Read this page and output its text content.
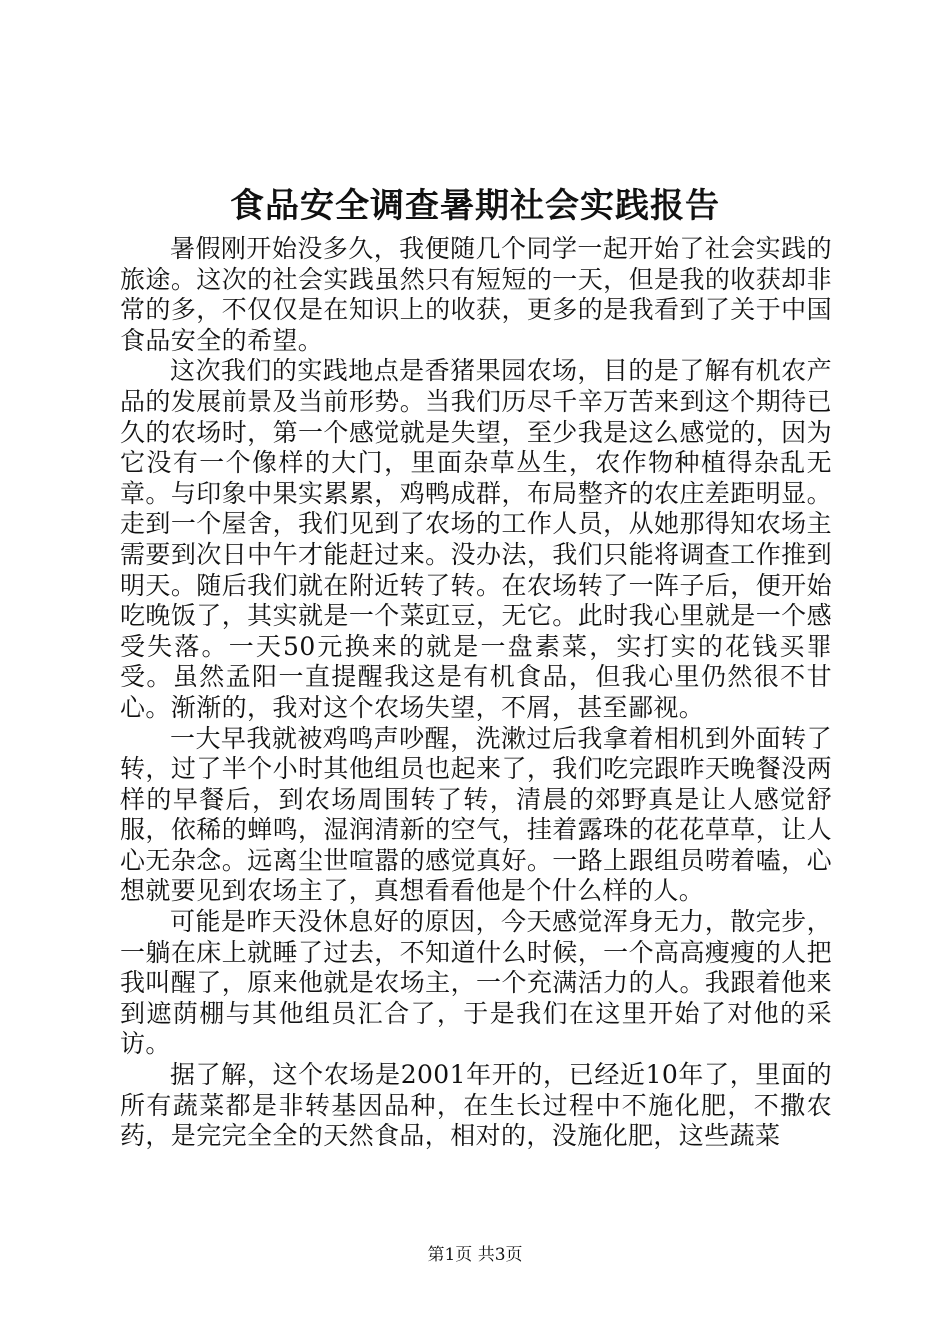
食品安全调查暑期社会实践报告

暑假刚开始没多久，我便随几个同学一起开始了社会实践的旅途。这次的社会实践虽然只有短短的一天，但是我的收获却非常的多，不仅仅是在知识上的收获，更多的是我看到了关于中国食品安全的希望。

这次我们的实践地点是香猪果园农场，目的是了解有机农产品的发展前景及当前形势。当我们历尽千辛万苦来到这个期待已久的农场时，第一个感觉就是失望，至少我是这么感觉的，因为它没有一个像样的大门，里面杂草丛生，农作物种植得杂乱无章。与印象中果实累累，鸡鸭成群，布局整齐的农庄差距明显。走到一个屋舍，我们见到了农场的工作人员，从她那得知农场主需要到次日中午才能赶过来。没办法，我们只能将调查工作推到明天。随后我们就在附近转了转。在农场转了一阵子后，便开始吃晚饭了，其实就是一个菜豇豆，无它。此时我心里就是一个感受失落。一天50元换来的就是一盘素菜，实打实的花钱买罪受。虽然孟阳一直提醒我这是有机食品，但我心里仍然很不甘心。渐渐的，我对这个农场失望，不屑，甚至鄙视。

一大早我就被鸡鸣声吵醒，洗漱过后我拿着相机到外面转了转，过了半个小时其他组员也起来了，我们吃完跟昨天晚餐没两样的早餐后，到农场周围转了转，清晨的郊野真是让人感觉舒服，依稀的蝉鸣，湿润清新的空气，挂着露珠的花花草草，让人心无杂念。远离尘世喧嚣的感觉真好。一路上跟组员唠着嗑，心想就要见到农场主了，真想看看他是个什么样的人。

可能是昨天没休息好的原因，今天感觉浑身无力，散完步，一躺在床上就睡了过去，不知道什么时候，一个高高瘦瘦的人把我叫醒了，原来他就是农场主，一个充满活力的人。我跟着他来到遮荫棚与其他组员汇合了，于是我们在这里开始了对他的采访。

据了解，这个农场是2001年开的，已经近10年了，里面的所有蔬菜都是非转基因品种，在生长过程中不施化肥，不撒农药，是完完全全的天然食品，相对的，没施化肥，这些蔬菜

第1页 共3页
